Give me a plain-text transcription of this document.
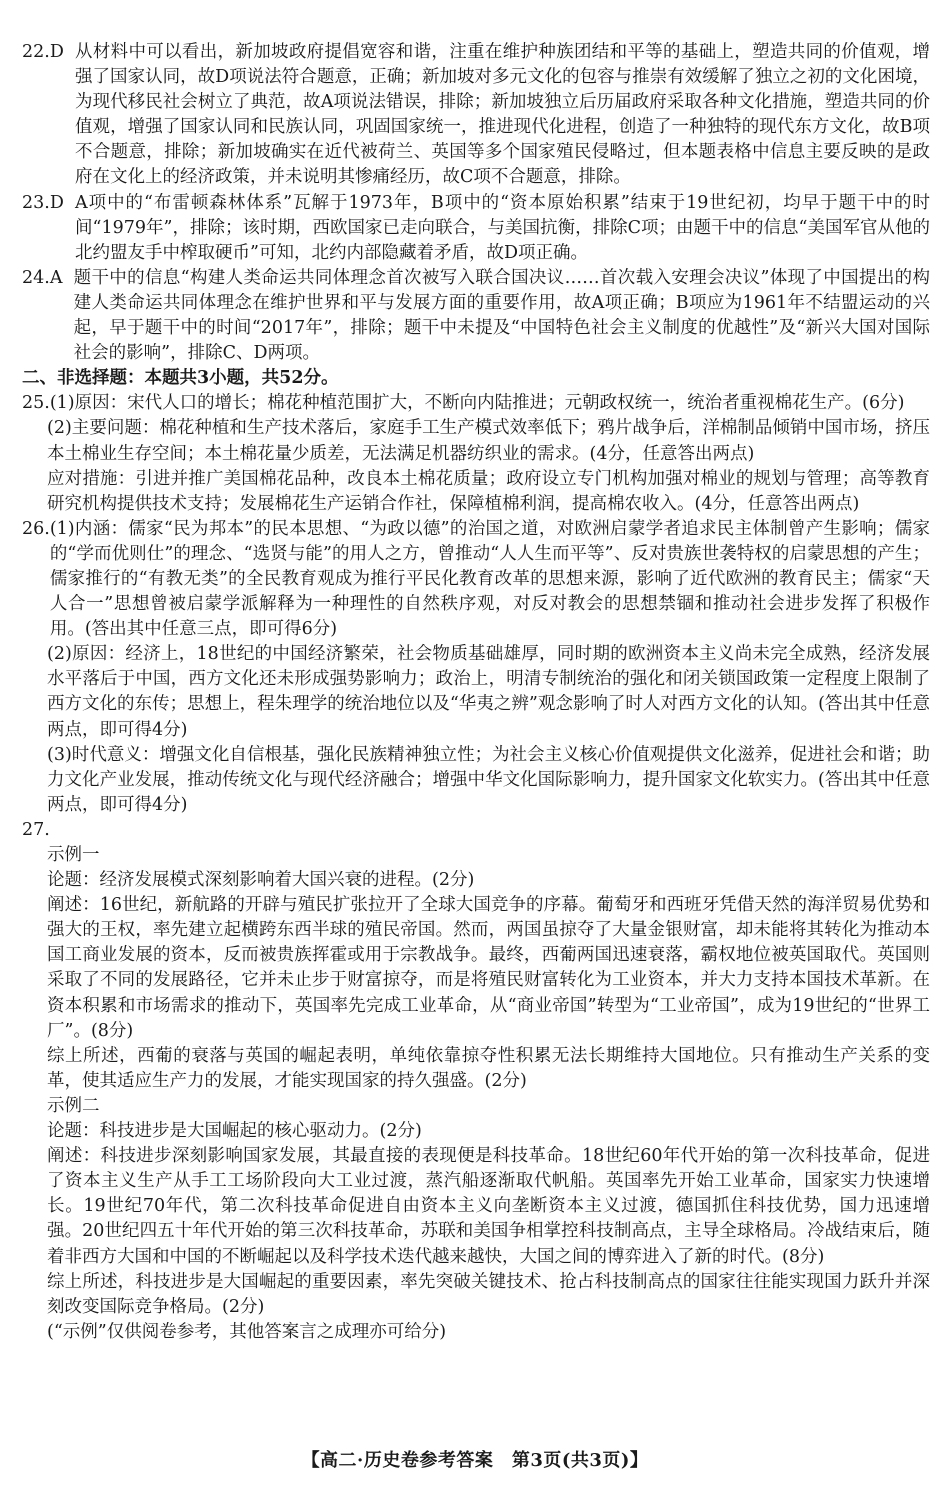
22.D 从材料中可以看出，新加坡政府提倡宽容和谐，注重在维护种族团结和平等的基础上，塑造共同的价值观，增强了国家认同，故D项说法符合题意，正确；新加坡对多元文化的包容与推崇有效缓解了独立之初的文化困境，为现代移民社会树立了典范，故A项说法错误，排除；新加坡独立后历届政府采取各种文化措施，塑造共同的价值观，增强了国家认同和民族认同，巩固国家统一，推进现代化进程，创造了一种独特的现代东方文化，故B项不合题意，排除；新加坡确实在近代被荷兰、英国等多个国家殖民侵略过，但本题表格中信息主要反映的是政府在文化上的经济政策，并未说明其惨痛经历，故C项不合题意，排除。
23.D A项中的“布雷顿森林体系”瓦解于1973年，B项中的“资本原始积累”结束于19世纪初，均早于题干中的时间“1979年”，排除；该时期，西欧国家已走向联合，与美国抗衡，排除C项；由题干中的信息“美国军官从他的北约盟友手中榨取硬币”可知，北约内部隐藏着矛盾，故D项正确。
24.A 题干中的信息“构建人类命运共同体理念首次被写入联合国决议……首次载入安理会决议”体现了中国提出的构建人类命运共同体理念在维护世界和平与发展方面的重要作用，故A项正确；B项应为1961年不结盟运动的兴起，早于题干中的时间“2017年”，排除；题干中未提及“中国特色社会主义制度的优越性”及“新兴大国对国际社会的影响”，排除C、D两项。
二、非选择题：本题共3小题，共52分。
25. (1)原因：宋代人口的增长；棉花种植范围扩大，不断向内陆推进；元朝政权统一，统治者重视棉花生产。(6分)
(2)主要问题：棉花种植和生产技术落后，家庭手工生产模式效率低下；鸦片战争后，洋棉制品倾销中国市场，挤压本土棉业生存空间；本土棉花量少质差，无法满足机器纺织业的需求。(4分，任意答出两点)
应对措施：引进并推广美国棉花品种，改良本土棉花质量；政府设立专门机构加强对棉业的规划与管理；高等教育研究机构提供技术支持；发展棉花生产运销合作社，保障植棉利润，提高棉农收入。(4分，任意答出两点)
26. (1)内涵：儒家“民为邦本”的民本思想、“为政以德”的治国之道，对欧洲启蒙学者追求民主体制曾产生影响；儒家的“学而优则仕”的理念、“选贤与能”的用人之方，曾推动“人人生而平等”、反对贵族世袭特权的启蒙思想的产生；儒家推行的“有教无类”的全民教育观成为推行平民化教育改革的思想来源，影响了近代欧洲的教育民主；儒家“天人合一”思想曾被启蒙学派解释为一种理性的自然秩序观，对反对教会的思想禁锢和推动社会进步发挥了积极作用。(答出其中任意三点，即可得6分)
(2)原因：经济上，18世纪的中国经济繁荣，社会物质基础雄厚，同时期的欧洲资本主义尚未完全成熟，经济发展水平落后于中国，西方文化还未形成强势影响力；政治上，明清专制统治的强化和闭关锁国政策一定程度上限制了西方文化的东传；思想上，程朱理学的统治地位以及“华夷之辨”观念影响了时人对西方文化的认知。(答出其中任意两点，即可得4分)
(3)时代意义：增强文化自信根基，强化民族精神独立性；为社会主义核心价值观提供文化滋养，促进社会和谐；助力文化产业发展，推动传统文化与现代经济融合；增强中华文化国际影响力，提升国家文化软实力。(答出其中任意两点，即可得4分)
27.
示例一
论题：经济发展模式深刻影响着大国兴衰的进程。(2分)
阐述：16世纪，新航路的开辟与殖民扩张拉开了全球大国竞争的序幕。葡萄牙和西班牙凭借天然的海洋贸易优势和强大的王权，率先建立起横跨东西半球的殖民帝国。然而，两国虽掠夺了大量金银财富，却未能将其转化为推动本国工商业发展的资本，反而被贵族挥霍或用于宗教战争。最终，西葡两国迅速衰落，霸权地位被英国取代。英国则采取了不同的发展路径，它并未止步于财富掠夺，而是将殖民财富转化为工业资本，并大力支持本国技术革新。在资本积累和市场需求的推动下，英国率先完成工业革命，从“商业帝国”转型为“工业帝国”，成为19世纪的“世界工厂”。(8分)
综上所述，西葡的衰落与英国的崛起表明，单纯依靠掠夺性积累无法长期维持大国地位。只有推动生产关系的变革，使其适应生产力的发展，才能实现国家的持久强盛。(2分)
示例二
论题：科技进步是大国崛起的核心驱动力。(2分)
阐述：科技进步深刻影响国家发展，其最直接的表现便是科技革命。18世纪60年代开始的第一次科技革命，促进了资本主义生产从手工工场阶段向大工业过渡，蒸汽船逐渐取代帆船。英国率先开始工业革命，国家实力快速增长。19世纪70年代，第二次科技革命促进自由资本主义向垄断资本主义过渡，德国抓住科技优势，国力迅速增强。20世纪四五十年代开始的第三次科技革命，苏联和美国争相掌控科技制高点，主导全球格局。冷战结束后，随着非西方大国和中国的不断崛起以及科学技术迭代越来越快，大国之间的博弈进入了新的时代。(8分)
综上所述，科技进步是大国崛起的重要因素，率先突破关键技术、抢占科技制高点的国家往往能实现国力跃升并深刻改变国际竞争格局。(2分)
(“示例”仅供阅卷参考，其他答案言之成理亦可给分)
【高二·历史卷参考答案　第3页(共3页)】
